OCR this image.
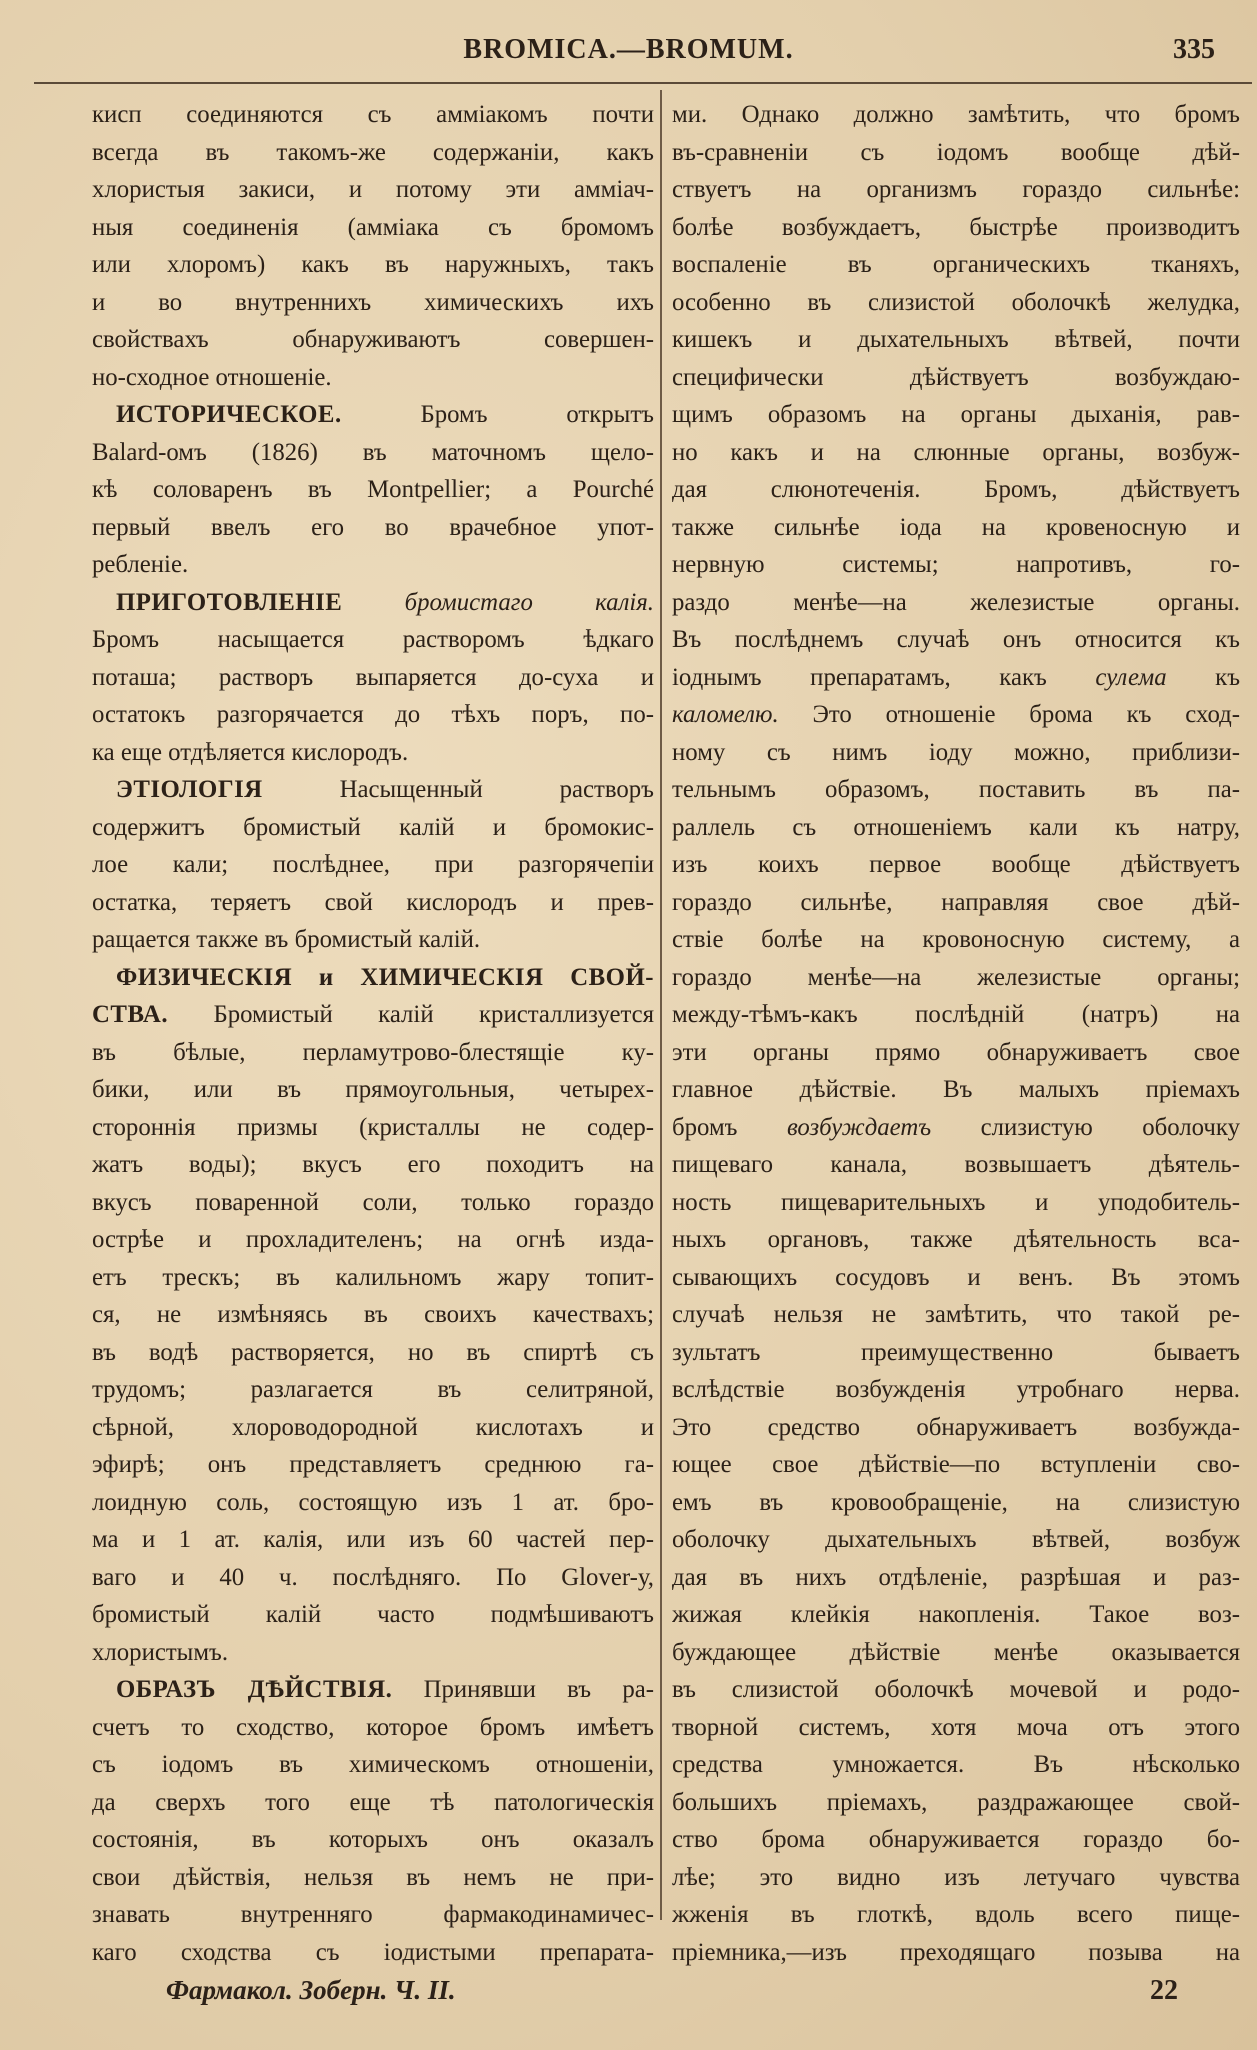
BROMICA.—BROMUM.	335
кисп соединяются съ амміакомъ почти
всегда въ такомъ-же содержаніи, какъ
хлористыя закиси, и потому эти амміач-
ныя соединенія (амміака съ бромомъ
или хлоромъ) какъ въ наружныхъ, такъ
и во внутреннихъ химическихъ ихъ
свойствахъ обнаруживаютъ совершен-
но-сходное отношеніе.
ИСТОРИЧЕСКОЕ.	Бромъ открытъ
Balard-омъ (1826) въ маточномъ щело-
кѣ соловаренъ въ Montpellier; а Pourché
первый ввелъ его во врачебное упот-
ребленіе.
ПРИГОТОВЛЕНІЕ	бромистаго калія.
Бромъ насыщается растворомъ ѣдкаго
поташа; растворъ выпаряется до-суха и
остатокъ разгорячается до тѣхъ поръ, по-
ка еще отдѣляется кислородъ.
ЭТІОЛОГІЯ	Насыщенный растворъ
содержитъ бромистый калій и бромокис-
лое кали; послѣднее, при разгорячепіи
остатка, теряетъ свой кислородъ и прев-
ращается также въ бромистый калій.
ФИЗИЧЕСКІЯ и ХИМИЧЕСКІЯ СВОЙ-
СТВА. Бромистый калій кристаллизуется
въ бѣлые, перламутрово-блестящіе ку-
бики, или въ прямоугольныя, четырех-
стороннія призмы (кристаллы не содер-
жатъ воды); вкусъ его походитъ на
вкусъ поваренной соли, только гораздо
острѣе и прохладителенъ; на огнѣ изда-
етъ трескъ; въ калильномъ жару топит-
ся, не измѣняясь въ своихъ качествахъ;
въ водѣ растворяется, но въ спиртѣ съ
трудомъ; разлагается въ селитряной,
сѣрной, хлороводородной кислотахъ и
эфирѣ; онъ представляетъ среднюю га-
лоидную соль, состоящую изъ 1 ат. бро-
ма и 1 ат. калія, или изъ 60 частей пер-
ваго и 40 ч. послѣдняго. По Glover-у,
бромистый калій часто подмѣшиваютъ
хлористымъ.
ОБРАЗЪ ДѢЙСТВІЯ. Принявши въ ра-
счетъ то сходство, которое бромъ имѣетъ
съ іодомъ въ химическомъ отношеніи,
да сверхъ того еще тѣ патологическія
состоянія, въ которыхъ онъ оказалъ
свои дѣйствія, нельзя въ немъ не при-
знавать внутренняго фармакодинамичес-
каго сходства съ іодистыми препарата-
ми. Однако должно замѣтить, что бромъ
въ-сравненіи съ іодомъ вообще дѣй-
ствуетъ на организмъ гораздо сильнѣе:
болѣе возбуждаетъ, быстрѣе производитъ
воспаленіе въ органическихъ тканяхъ,
особенно въ слизистой оболочкѣ желудка,
кишекъ и дыхательныхъ вѣтвей, почти
специфически дѣйствуетъ возбуждаю-
щимъ образомъ на органы дыханія, рав-
но какъ и на слюнные органы, возбуж-
дая слюнотеченія. Бромъ, дѣйствуетъ
также сильнѣе іода на кровеносную и
нервную системы; напротивъ, го-
раздо менѣе—на железистые органы.
Въ послѣднемъ случаѣ онъ относится къ
іоднымъ препаратамъ, какъ сулема къ
каломелю. Это отношеніе брома къ сход-
ному съ нимъ іоду можно, приблизи-
тельнымъ образомъ, поставить въ па-
раллель съ отношеніемъ кали къ натру,
изъ коихъ первое вообще дѣйствуетъ
гораздо сильнѣе, направляя свое дѣй-
ствіе болѣе на кровоносную систему, а
гораздо менѣе—на железистые органы;
между-тѣмъ-какъ послѣдній (натръ) на
эти органы прямо обнаруживаетъ свое
главное дѣйствіе. Въ малыхъ пріемахъ
бромъ возбуждаетъ слизистую оболочку
пищеваго канала, возвышаетъ дѣятель-
ность пищеварительныхъ и уподобитель-
ныхъ органовъ, также дѣятельность вса-
сывающихъ сосудовъ и венъ. Въ этомъ
случаѣ нельзя не замѣтить, что такой ре-
зультатъ преимущественно бываетъ
вслѣдствіе возбужденія утробнаго нерва.
Это средство обнаруживаетъ возбужда-
ющее свое дѣйствіе—по вступленіи сво-
емъ въ кровообращеніе, на слизистую
оболочку дыхательныхъ вѣтвей, возбуж
дая въ нихъ отдѣленіе, разрѣшая и раз-
жижая клейкія накопленія. Такое воз-
буждающее дѣйствіе менѣе оказывается
въ слизистой оболочкѣ мочевой и родо-
творной системъ, хотя моча отъ этого
средства умножается. Въ нѣсколько
большихъ пріемахъ, раздражающее свой-
ство брома обнаруживается гораздо бо-
лѣе; это видно изъ летучаго чувства
жженія въ глоткѣ, вдоль всего пище-
пріемника,—изъ преходящаго позыва на
Фармакол. Зоберн. Ч. II.	22
